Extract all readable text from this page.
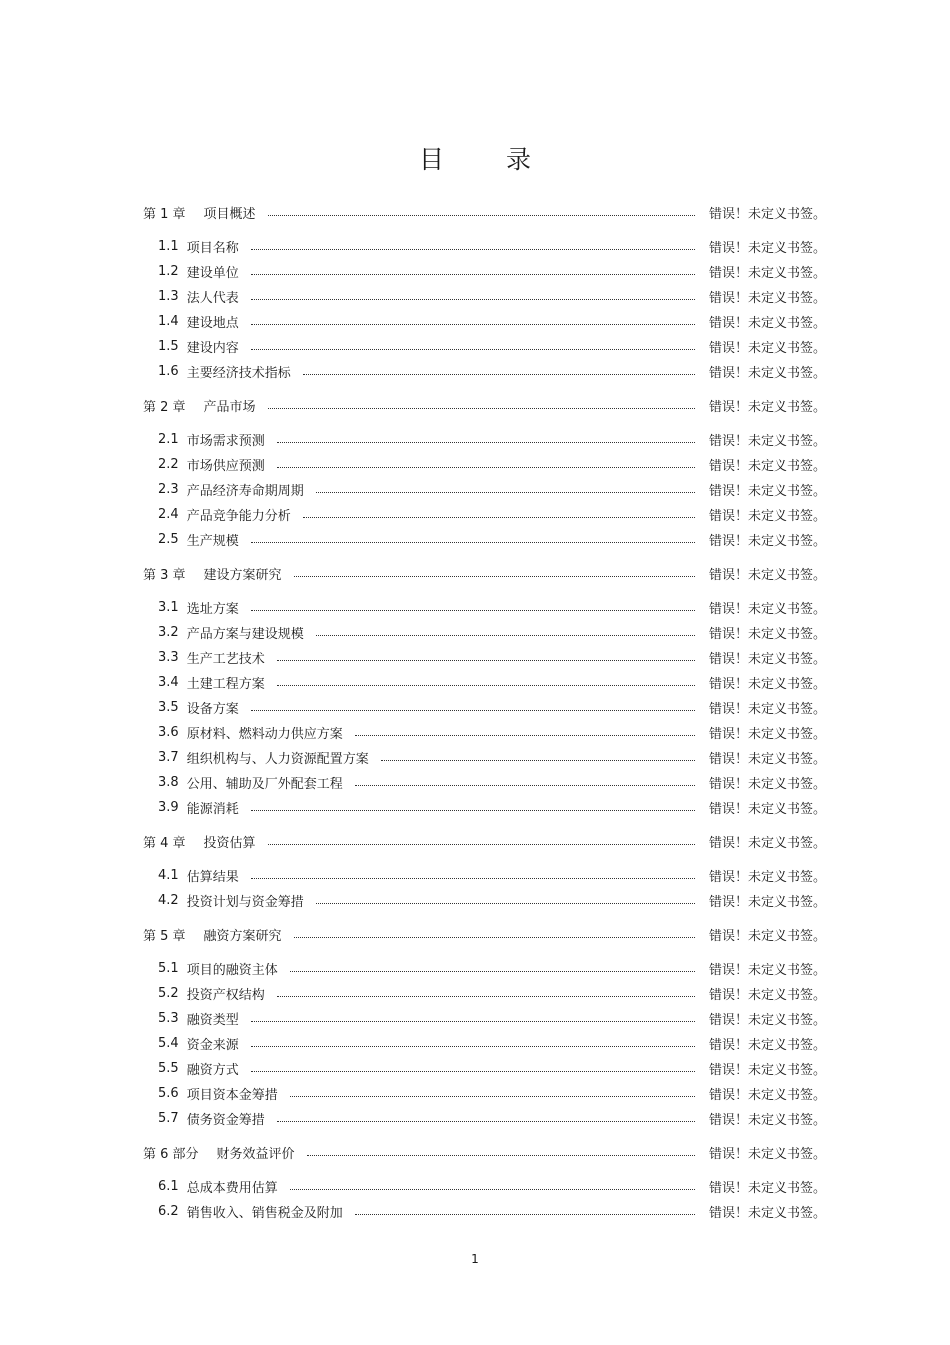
目 录
第 1 章 项目概述	错误！未定义书签。
1.1 项目名称	错误！未定义书签。
1.2 建设单位	错误！未定义书签。
1.3 法人代表	错误！未定义书签。
1.4 建设地点	错误！未定义书签。
1.5 建设内容	错误！未定义书签。
1.6 主要经济技术指标	错误！未定义书签。
第 2 章 产品市场	错误！未定义书签。
2.1 市场需求预测	错误！未定义书签。
2.2 市场供应预测	错误！未定义书签。
2.3 产品经济寿命期周期	错误！未定义书签。
2.4 产品竞争能力分析	错误！未定义书签。
2.5 生产规模	错误！未定义书签。
第 3 章 建设方案研究	错误！未定义书签。
3.1 选址方案	错误！未定义书签。
3.2 产品方案与建设规模	错误！未定义书签。
3.3 生产工艺技术	错误！未定义书签。
3.4 土建工程方案	错误！未定义书签。
3.5 设备方案	错误！未定义书签。
3.6 原材料、燃料动力供应方案	错误！未定义书签。
3.7 组织机构与、人力资源配置方案	错误！未定义书签。
3.8 公用、辅助及厂外配套工程	错误！未定义书签。
3.9 能源消耗	错误！未定义书签。
第 4 章 投资估算	错误！未定义书签。
4.1 估算结果	错误！未定义书签。
4.2 投资计划与资金筹措	错误！未定义书签。
第 5 章 融资方案研究	错误！未定义书签。
5.1 项目的融资主体	错误！未定义书签。
5.2 投资产权结构	错误！未定义书签。
5.3 融资类型	错误！未定义书签。
5.4 资金来源	错误！未定义书签。
5.5 融资方式	错误！未定义书签。
5.6 项目资本金筹措	错误！未定义书签。
5.7 债务资金筹措	错误！未定义书签。
第 6 部分 财务效益评价	错误！未定义书签。
6.1 总成本费用估算	错误！未定义书签。
6.2 销售收入、销售税金及附加	错误！未定义书签。
1
